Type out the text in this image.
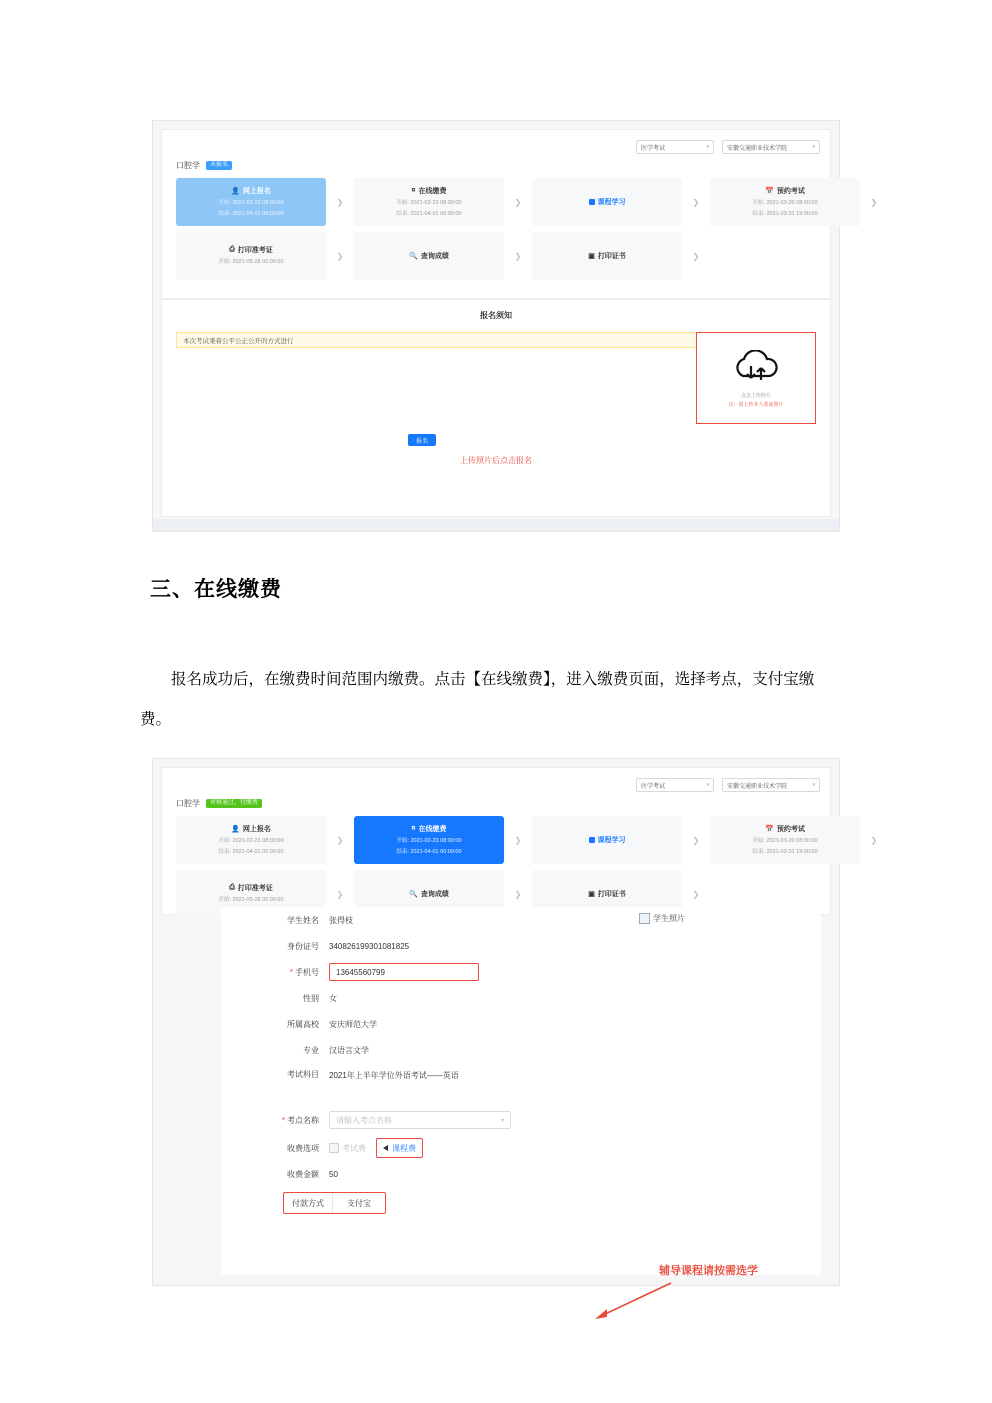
医学考试	▾	安徽交通职业技术学院	▾
口腔学	未报名
👤 网上报名
开始: 2021-02-23 08:00:00
结束: 2021-04-01 00:00:00
❯
¤ 在线缴费
开始: 2021-02-23 08:00:00
结束: 2021-04-01 00:00:00
❯	课程学习	❯
📅 预约考试
开始: 2021-03-20 08:00:00
结束: 2021-03-31 19:00:00
❯
⎙ 打印准考证
开始: 2021-05-28 00:00:00
❯	🔍 查询成绩	❯	▣ 打印证书	❯
报名须知
本次考试秉着公平公正公开的方式进行
点击上传照片
注：请上传本人蓝底照片
报名
上传照片后点击报名
三、在线缴费
报名成功后，在缴费时间范围内缴费。点击【在线缴费】，进入缴费页面，选择考点，支付宝缴费。
医学考试	▾	安徽交通职业技术学院	▾
口腔学	审核通过，待缴费
👤 网上报名
开始: 2021-02-23 08:00:00
结束: 2021-04-01 00:00:00
❯
¤ 在线缴费
开始: 2021-02-23 08:00:00
结束: 2021-04-01 00:00:00
❯	课程学习	❯
📅 预约考试
开始: 2021-03-20 08:00:00
结束: 2021-03-31 19:00:00
❯
⎙ 打印准考证
开始: 2021-05-28 00:00:00
❯	🔍 查询成绩	❯	▣ 打印证书	❯
学生照片
学生姓名	张得枝
身份证号	340826199301081825
* 手机号	13645560799
性别	女
所属高校	安庆师范大学
专业	汉语言文学
考试科目	2021年上半年学位外语考试——英语
* 考点名称	请输入考点名称	▾
收费选项	考试费	课程费
收费金额	50
付款方式	支付宝
辅导课程请按需选学
